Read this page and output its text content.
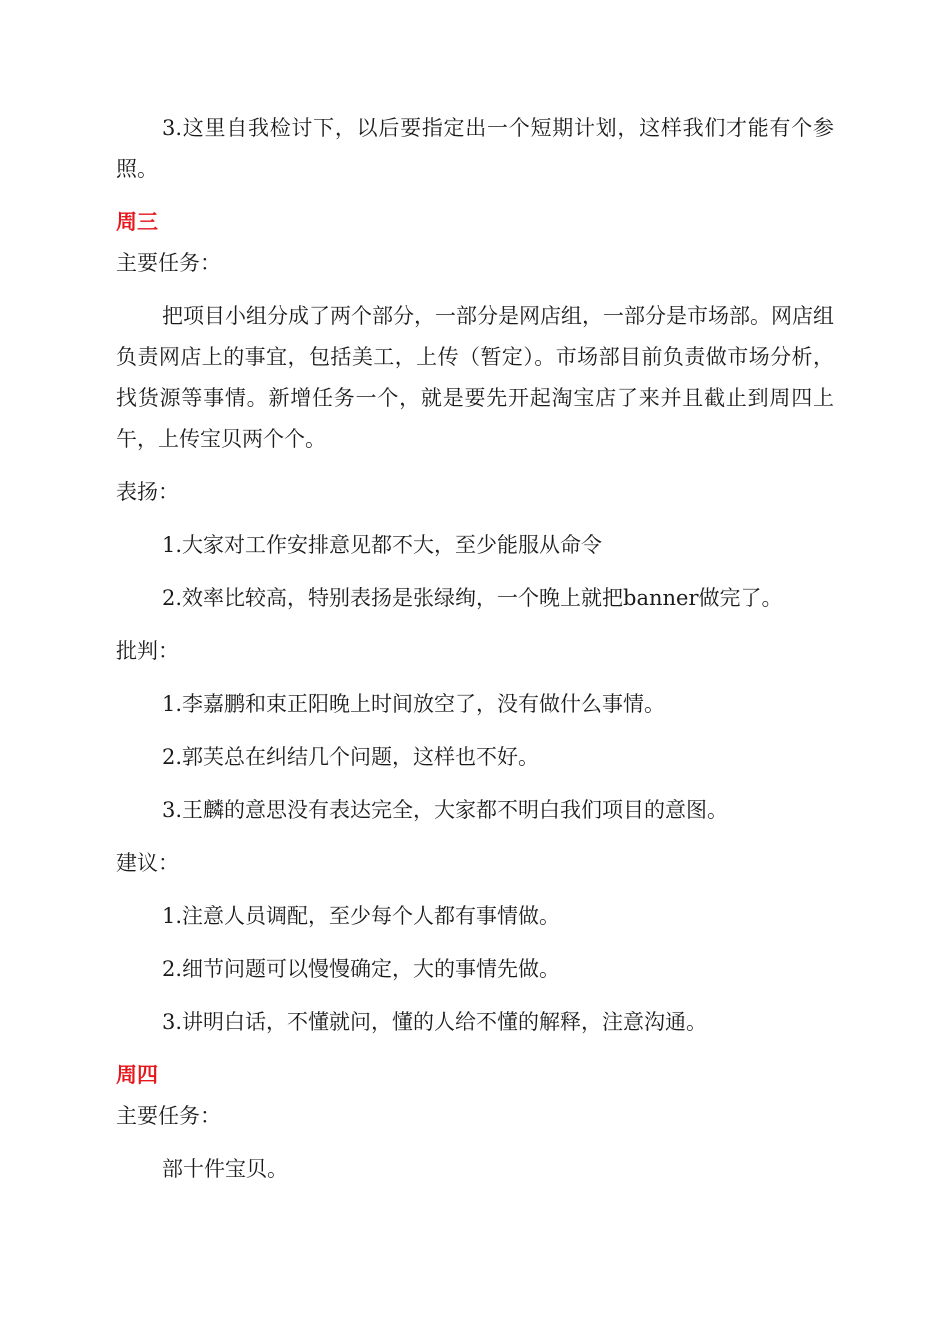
3.这里自我检讨下，以后要指定出一个短期计划，这样我们才能有个参照。

周三

主要任务：

把项目小组分成了两个部分，一部分是网店组，一部分是市场部。网店组负责网店上的事宜，包括美工，上传（暂定）。市场部目前负责做市场分析，找货源等事情。新增任务一个，就是要先开起淘宝店了来并且截止到周四上午，上传宝贝两个个。

表扬：

1.大家对工作安排意见都不大，至少能服从命令

2.效率比较高，特别表扬是张绿绚，一个晚上就把banner做完了。

批判：

1.李嘉鹏和束正阳晚上时间放空了，没有做什么事情。

2.郭芙总在纠结几个问题，这样也不好。

3.王麟的意思没有表达完全，大家都不明白我们项目的意图。

建议：

1.注意人员调配，至少每个人都有事情做。

2.细节问题可以慢慢确定，大的事情先做。

3.讲明白话，不懂就问，懂的人给不懂的解释，注意沟通。

周四

主要任务：

部十件宝贝。
